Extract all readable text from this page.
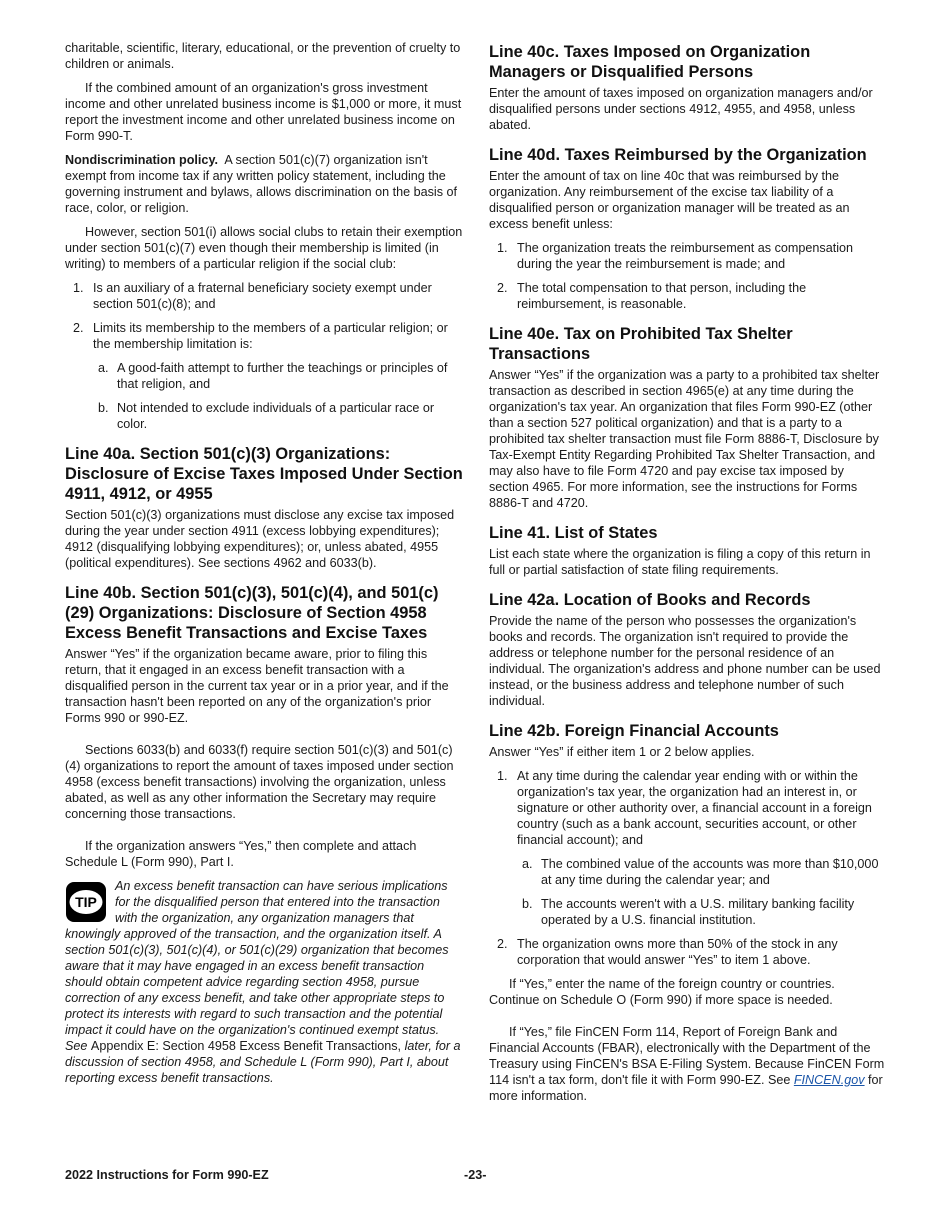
charitable, scientific, literary, educational, or the prevention of cruelty to children or animals.

If the combined amount of an organization's gross investment income and other unrelated business income is $1,000 or more, it must report the investment income and other unrelated business income on Form 990-T.

Nondiscrimination policy. A section 501(c)(7) organization isn't exempt from income tax if any written policy statement, including the governing instrument and bylaws, allows discrimination on the basis of race, color, or religion.

However, section 501(i) allows social clubs to retain their exemption under section 501(c)(7) even though their membership is limited (in writing) to members of a particular religion if the social club:

1. Is an auxiliary of a fraternal beneficiary society exempt under section 501(c)(8); and
2. Limits its membership to the members of a particular religion; or the membership limitation is:
a. A good-faith attempt to further the teachings or principles of that religion, and
b. Not intended to exclude individuals of a particular race or color.
Line 40a. Section 501(c)(3) Organizations: Disclosure of Excise Taxes Imposed Under Section 4911, 4912, or 4955

Section 501(c)(3) organizations must disclose any excise tax imposed during the year under section 4911 (excess lobbying expenditures); 4912 (disqualifying lobbying expenditures); or, unless abated, 4955 (political expenditures). See sections 4962 and 6033(b).

Line 40b. Section 501(c)(3), 501(c)(4), and 501(c)(29) Organizations: Disclosure of Section 4958 Excess Benefit Transactions and Excise Taxes

Answer “Yes” if the organization became aware, prior to filing this return, that it engaged in an excess benefit transaction with a disqualified person in the current tax year or in a prior year, and if the transaction hasn't been reported on any of the organization's prior Forms 990 or 990-EZ.

Sections 6033(b) and 6033(f) require section 501(c)(3) and 501(c)(4) organizations to report the amount of taxes imposed under section 4958 (excess benefit transactions) involving the organization, unless abated, as well as any other information the Secretary may require concerning those transactions.

If the organization answers “Yes,” then complete and attach Schedule L (Form 990), Part I.

TIP
An excess benefit transaction can have serious implications for the disqualified person that entered into the transaction with the organization, any organization managers that knowingly approved of the transaction, and the organization itself. A section 501(c)(3), 501(c)(4), or 501(c)(29) organization that becomes aware that it may have engaged in an excess benefit transaction should obtain competent advice regarding section 4958, pursue correction of any excess benefit, and take other appropriate steps to protect its interests with regard to such transaction and the potential impact it could have on the organization's continued exempt status. See Appendix E: Section 4958 Excess Benefit Transactions, later, for a discussion of section 4958, and Schedule L (Form 990), Part I, about reporting excess benefit transactions.
Line 40c. Taxes Imposed on Organization Managers or Disqualified Persons

Enter the amount of taxes imposed on organization managers and/or disqualified persons under sections 4912, 4955, and 4958, unless abated.

Line 40d. Taxes Reimbursed by the Organization

Enter the amount of tax on line 40c that was reimbursed by the organization. Any reimbursement of the excise tax liability of a disqualified person or organization manager will be treated as an excess benefit unless:

1. The organization treats the reimbursement as compensation during the year the reimbursement is made; and
2. The total compensation to that person, including the reimbursement, is reasonable.
Line 40e. Tax on Prohibited Tax Shelter Transactions

Answer “Yes” if the organization was a party to a prohibited tax shelter transaction as described in section 4965(e) at any time during the organization's tax year. An organization that files Form 990-EZ (other than a section 527 political organization) and that is a party to a prohibited tax shelter transaction must file Form 8886-T, Disclosure by Tax-Exempt Entity Regarding Prohibited Tax Shelter Transaction, and may also have to file Form 4720 and pay excise tax imposed by section 4965. For more information, see the instructions for Forms 8886-T and 4720.

Line 41. List of States

List each state where the organization is filing a copy of this return in full or partial satisfaction of state filing requirements.

Line 42a. Location of Books and Records

Provide the name of the person who possesses the organization's books and records. The organization isn't required to provide the address or telephone number for the personal residence of an individual. The organization's address and phone number can be used instead, or the business address and telephone number of such individual.

Line 42b. Foreign Financial Accounts

Answer “Yes” if either item 1 or 2 below applies.

1. At any time during the calendar year ending with or within the organization's tax year, the organization had an interest in, or signature or other authority over, a financial account in a foreign country (such as a bank account, securities account, or other financial account); and
a. The combined value of the accounts was more than $10,000 at any time during the calendar year; and
b. The accounts weren't with a U.S. military banking facility operated by a U.S. financial institution.
2. The organization owns more than 50% of the stock in any corporation that would answer “Yes” to item 1 above.

If “Yes,” enter the name of the foreign country or countries. Continue on Schedule O (Form 990) if more space is needed.

If “Yes,” file FinCEN Form 114, Report of Foreign Bank and Financial Accounts (FBAR), electronically with the Department of the Treasury using FinCEN's BSA E-Filing System. Because FinCEN Form 114 isn't a tax form, don't file it with Form 990-EZ. See FINCEN.gov for more information.

2022 Instructions for Form 990-EZ	-23-
